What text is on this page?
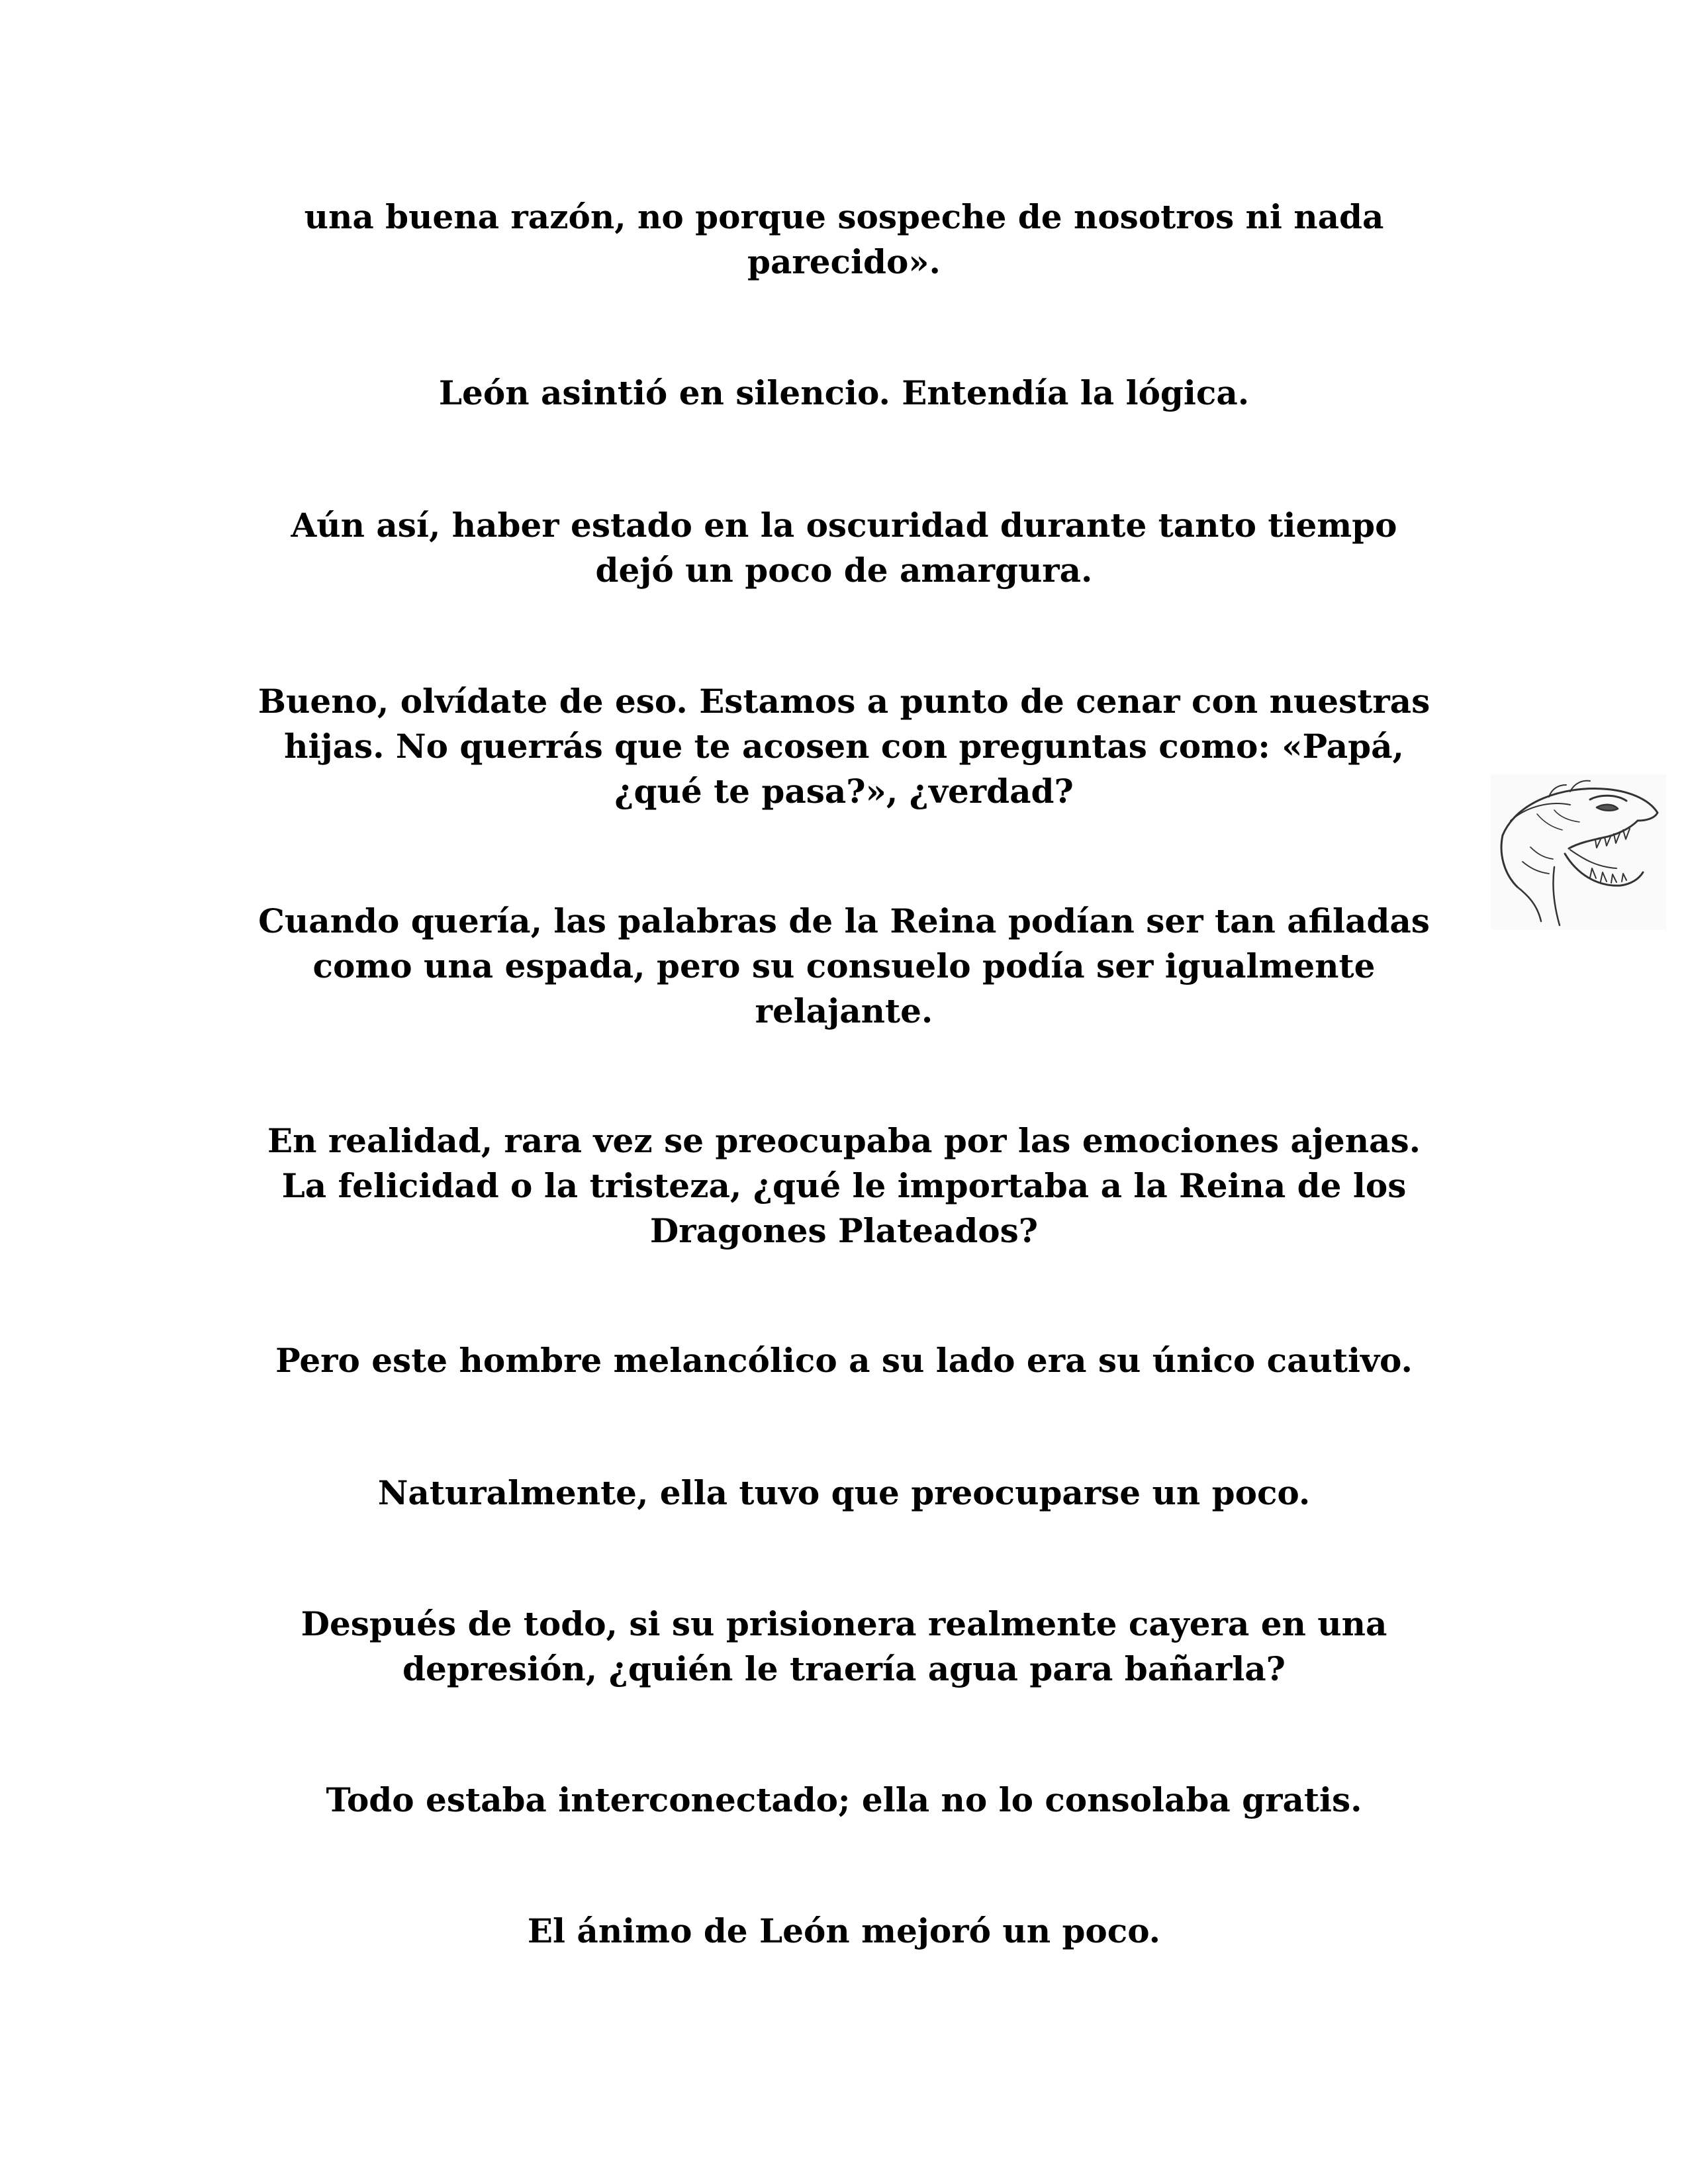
una buena razón, no porque sospeche de nosotros ni nada
parecido».

León asintió en silencio. Entendía la lógica.

Aún así, haber estado en la oscuridad durante tanto tiempo
dejó un poco de amargura.

Bueno, olvídate de eso. Estamos a punto de cenar con nuestras
hijas. No querrás que te acosen con preguntas como: «Papá,
¿qué te pasa?», ¿verdad?

Cuando quería, las palabras de la Reina podían ser tan afiladas
como una espada, pero su consuelo podía ser igualmente
relajante.

En realidad, rara vez se preocupaba por las emociones ajenas.
La felicidad o la tristeza, ¿qué le importaba a la Reina de los
Dragones Plateados?

Pero este hombre melancólico a su lado era su único cautivo.

Naturalmente, ella tuvo que preocuparse un poco.

Después de todo, si su prisionera realmente cayera en una
depresión, ¿quién le traería agua para bañarla?

Todo estaba interconectado; ella no lo consolaba gratis.

El ánimo de León mejoró un poco.
